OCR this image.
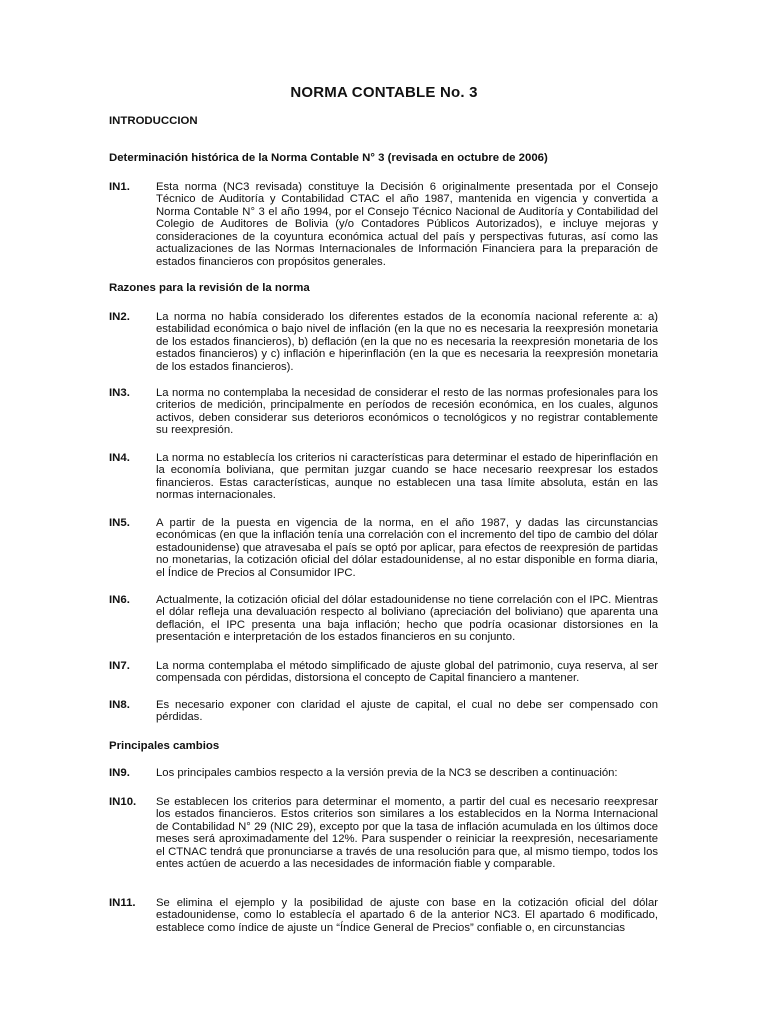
NORMA CONTABLE No. 3
INTRODUCCION
Determinación histórica de la Norma Contable N° 3 (revisada en octubre de 2006)
IN1. Esta norma (NC3 revisada) constituye la Decisión 6 originalmente presentada por el Consejo Técnico de Auditoría y Contabilidad CTAC el año 1987, mantenida en vigencia y convertida a Norma Contable N° 3 el año 1994, por el Consejo Técnico Nacional de Auditoría y Contabilidad del Colegio de Auditores de Bolivia (y/o Contadores Públicos Autorizados), e incluye mejoras y consideraciones de la coyuntura económica actual del país y perspectivas futuras, así como las actualizaciones de las Normas Internacionales de Información Financiera para la preparación de estados financieros con propósitos generales.
Razones para la revisión de la norma
IN2. La norma no había considerado los diferentes estados de la economía nacional referente a: a) estabilidad económica o bajo nivel de inflación (en la que no es necesaria la reexpresión monetaria de los estados financieros), b) deflación (en la que no es necesaria la reexpresión monetaria de los estados financieros) y c) inflación e hiperinflación (en la que es necesaria la reexpresión monetaria de los estados financieros).
IN3. La norma no contemplaba la necesidad de considerar el resto de las normas profesionales para los criterios de medición, principalmente en períodos de recesión económica, en los cuales, algunos activos, deben considerar sus deterioros económicos o tecnológicos y no registrar contablemente su reexpresión.
IN4. La norma no establecía los criterios ni características para determinar el estado de hiperinflación en la economía boliviana, que permitan juzgar cuando se hace necesario reexpresar los estados financieros. Estas características, aunque no establecen una tasa límite absoluta, están en las normas internacionales.
IN5. A partir de la puesta en vigencia de la norma, en el año 1987, y dadas las circunstancias económicas (en que la inflación tenía una correlación con el incremento del tipo de cambio del dólar estadounidense) que atravesaba el país se optó por aplicar, para efectos de reexpresión de partidas no monetarias, la cotización oficial del dólar estadounidense, al no estar disponible en forma diaria, el Índice de Precios al Consumidor IPC.
IN6. Actualmente, la cotización oficial del dólar estadounidense no tiene correlación con el IPC. Mientras el dólar refleja una devaluación respecto al boliviano (apreciación del boliviano) que aparenta una deflación, el IPC presenta una baja inflación; hecho que podría ocasionar distorsiones en la presentación e interpretación de los estados financieros en su conjunto.
IN7. La norma contemplaba el método simplificado de ajuste global del patrimonio, cuya reserva, al ser compensada con pérdidas, distorsiona el concepto de Capital financiero a mantener.
IN8. Es necesario exponer con claridad el ajuste de capital, el cual no debe ser compensado con pérdidas.
Principales cambios
IN9. Los principales cambios respecto a la versión previa de la NC3 se describen a continuación:
IN10. Se establecen los criterios para determinar el momento, a partir del cual es necesario reexpresar los estados financieros. Estos criterios son similares a los establecidos en la Norma Internacional de Contabilidad N° 29 (NIC 29), excepto por que la tasa de inflación acumulada en los últimos doce meses será aproximadamente del 12%. Para suspender o reiniciar la reexpresión, necesariamente el CTNAC tendrá que pronunciarse a través de una resolución para que, al mismo tiempo, todos los entes actúen de acuerdo a las necesidades de información fiable y comparable.
IN11. Se elimina el ejemplo y la posibilidad de ajuste con base en la cotización oficial del dólar estadounidense, como lo establecía el apartado 6 de la anterior NC3. El apartado 6 modificado, establece como índice de ajuste un “Índice General de Precios” confiable o, en circunstancias
